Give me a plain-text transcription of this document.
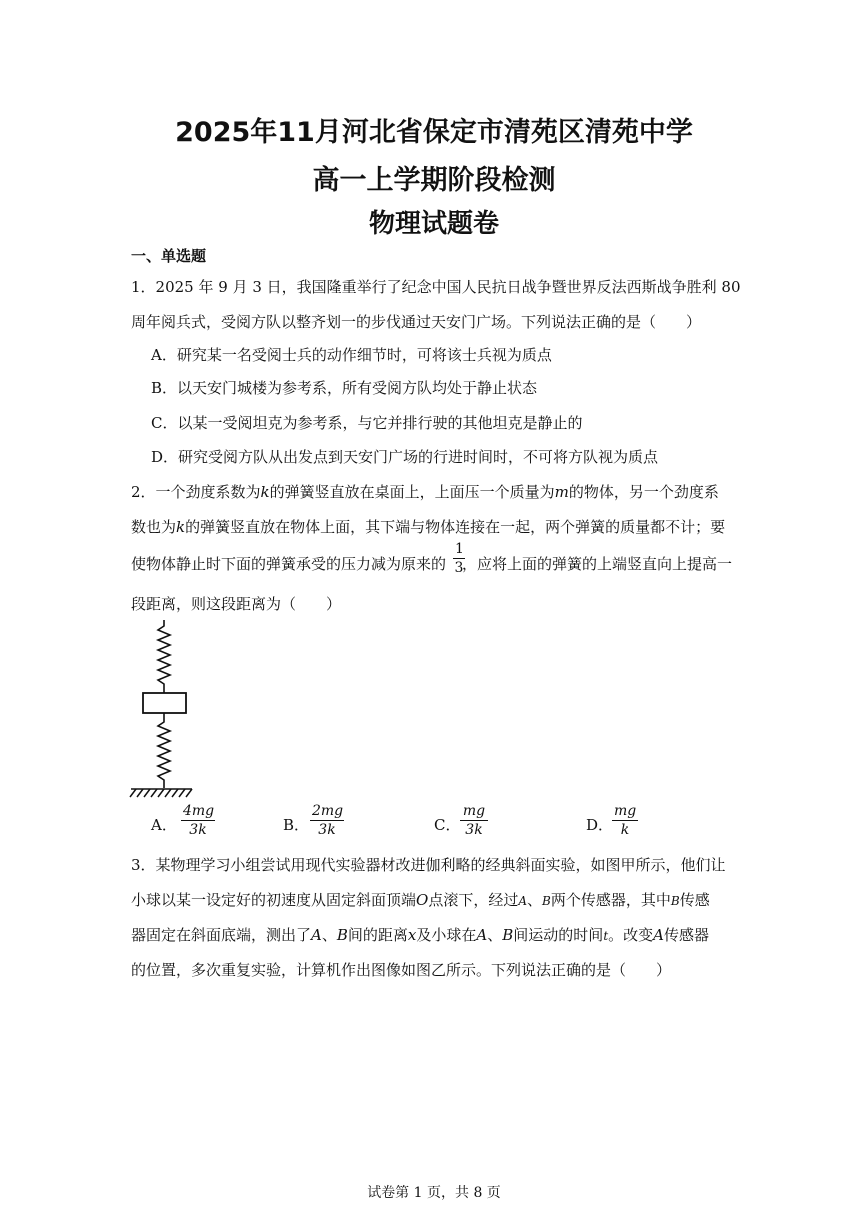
2025年11月河北省保定市清苑区清苑中学
高一上学期阶段检测
物理试题卷
一、单选题
1．2025 年 9 月 3 日，我国隆重举行了纪念中国人民抗日战争暨世界反法西斯战争胜利 80
周年阅兵式，受阅方队以整齐划一的步伐通过天安门广场。下列说法正确的是（　　）
A．研究某一名受阅士兵的动作细节时，可将该士兵视为质点
B．以天安门城楼为参考系，所有受阅方队均处于静止状态
C．以某一受阅坦克为参考系，与它并排行驶的其他坦克是静止的
D．研究受阅方队从出发点到天安门广场的行进时间时，不可将方队视为质点
2．一个劲度系数为k的弹簧竖直放在桌面上，上面压一个质量为m的物体，另一个劲度系
数也为k的弹簧竖直放在物体上面，其下端与物体连接在一起，两个弹簧的质量都不计；要
使物体静止时下面的弹簧承受的压力减为原来的 ，应将上面的弹簧的上端竖直向上提高一
1
3
段距离，则这段距离为（　　）
A．
4mg
3k	B．
2mg
3k	C．
mg
3k	D．
mg
k
3．某物理学习小组尝试用现代实验器材改进伽利略的经典斜面实验，如图甲所示，他们让
小球以某一设定好的初速度从固定斜面顶端O点滚下，经过A、B两个传感器，其中B传感
器固定在斜面底端，测出了A、B间的距离x及小球在A、B间运动的时间t。改变A传感器
的位置，多次重复实验，计算机作出图像如图乙所示。下列说法正确的是（　　）
试卷第 1 页，共 8 页
